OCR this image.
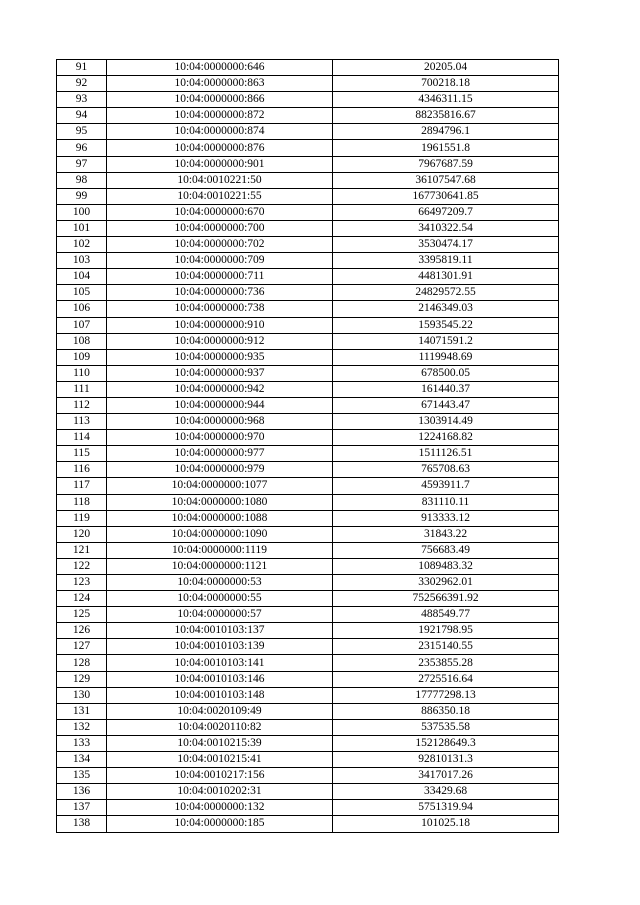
91	10:04:0000000:646	20205.04
92	10:04:0000000:863	700218.18
93	10:04:0000000:866	4346311.15
94	10:04:0000000:872	88235816.67
95	10:04:0000000:874	2894796.1
96	10:04:0000000:876	1961551.8
97	10:04:0000000:901	7967687.59
98	10:04:0010221:50	36107547.68
99	10:04:0010221:55	167730641.85
100	10:04:0000000:670	66497209.7
101	10:04:0000000:700	3410322.54
102	10:04:0000000:702	3530474.17
103	10:04:0000000:709	3395819.11
104	10:04:0000000:711	4481301.91
105	10:04:0000000:736	24829572.55
106	10:04:0000000:738	2146349.03
107	10:04:0000000:910	1593545.22
108	10:04:0000000:912	14071591.2
109	10:04:0000000:935	1119948.69
110	10:04:0000000:937	678500.05
111	10:04:0000000:942	161440.37
112	10:04:0000000:944	671443.47
113	10:04:0000000:968	1303914.49
114	10:04:0000000:970	1224168.82
115	10:04:0000000:977	1511126.51
116	10:04:0000000:979	765708.63
117	10:04:0000000:1077	4593911.7
118	10:04:0000000:1080	831110.11
119	10:04:0000000:1088	913333.12
120	10:04:0000000:1090	31843.22
121	10:04:0000000:1119	756683.49
122	10:04:0000000:1121	1089483.32
123	10:04:0000000:53	3302962.01
124	10:04:0000000:55	752566391.92
125	10:04:0000000:57	488549.77
126	10:04:0010103:137	1921798.95
127	10:04:0010103:139	2315140.55
128	10:04:0010103:141	2353855.28
129	10:04:0010103:146	2725516.64
130	10:04:0010103:148	17777298.13
131	10:04:0020109:49	886350.18
132	10:04:0020110:82	537535.58
133	10:04:0010215:39	152128649.3
134	10:04:0010215:41	92810131.3
135	10:04:0010217:156	3417017.26
136	10:04:0010202:31	33429.68
137	10:04:0000000:132	5751319.94
138	10:04:0000000:185	101025.18
